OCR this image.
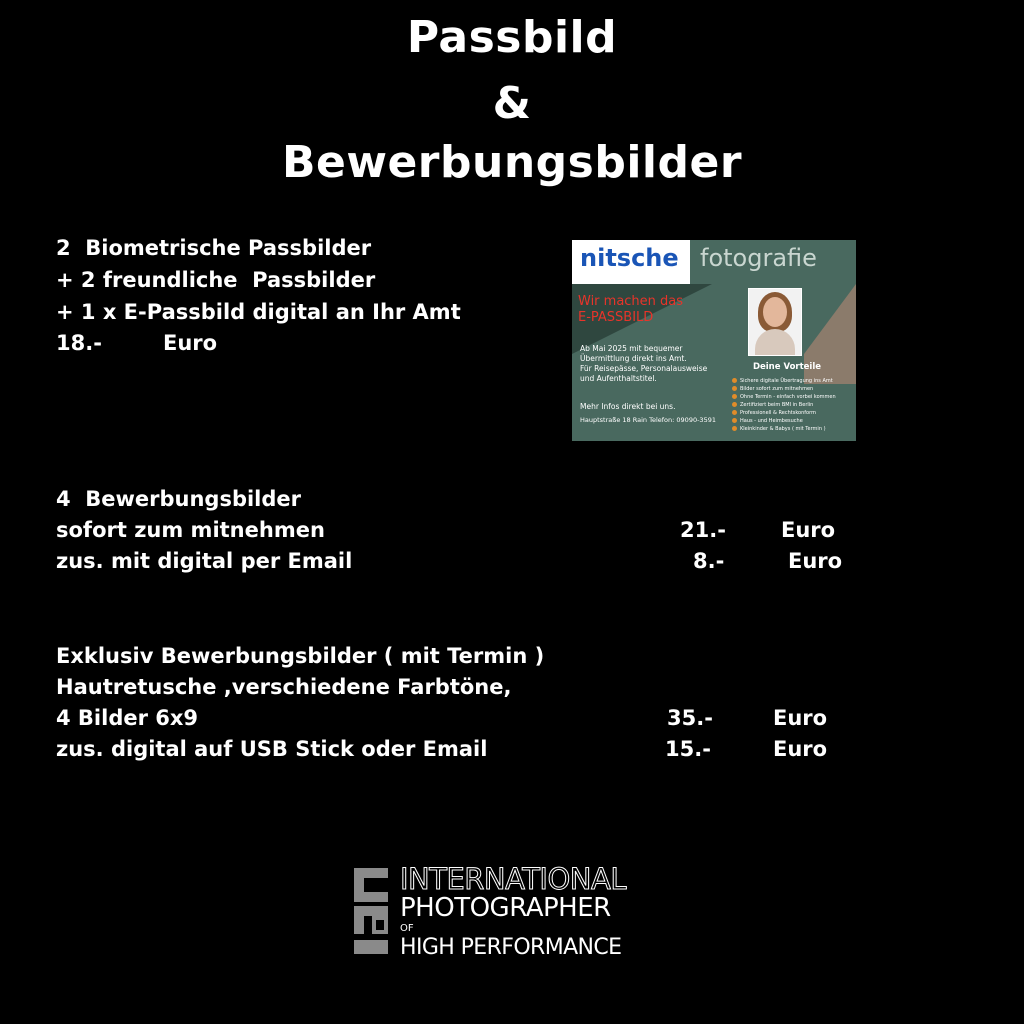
Passbild
&
Bewerbungsbilder
2  Biometrische Passbilder
+ 2 freundliche  Passbilder
+ 1 x E-Passbild digital an Ihr Amt
18.-	Euro
nitsche fotografie
Wir machen das
E-PASSBILD
Ab Mai 2025 mit bequemer
Übermittlung direkt ins Amt.
Für Reisepässe, Personalausweise
und Aufenthaltstitel.
Mehr Infos direkt bei uns.
Hauptstraße 18 Rain Telefon: 09090-3591
Deine Vorteile
Sichere digitale Übertragung ins Amt
Bilder sofort zum mitnehmen
Ohne Termin - einfach vorbei kommen
Zertifiziert beim BMI in Berlin
Professionell & Rechtskonform
Haus - und Heimbesuche
Kleinkinder & Babys ( mit Termin )
4  Bewerbungsbilder
sofort zum mitnehmen	21.-	Euro
zus. mit digital per Email	8.-	Euro
Exklusiv Bewerbungsbilder ( mit Termin )
Hautretusche ,verschiedene Farbtöne,
4 Bilder 6x9	35.-	Euro
zus. digital auf USB Stick oder Email	15.-	Euro
INTERNATIONAL
PHOTOGRAPHER
OF
HIGH PERFORMANCE
